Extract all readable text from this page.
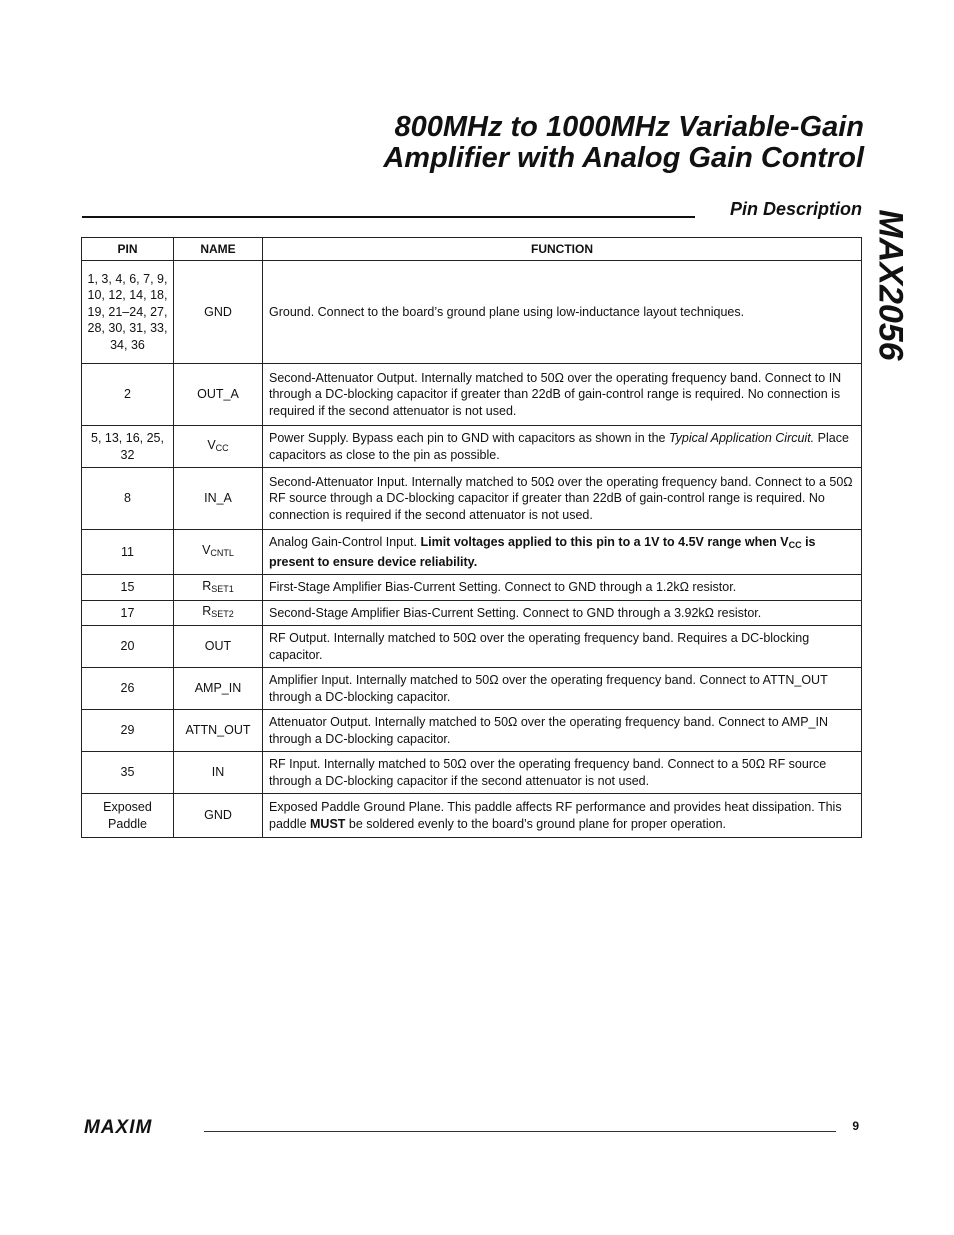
800MHz to 1000MHz Variable-Gain
Amplifier with Analog Gain Control
Pin Description
MAX2056
PIN	NAME	FUNCTION
1, 3, 4, 6, 7, 9, 10, 12, 14, 18, 19, 21–24, 27, 28, 30, 31, 33, 34, 36	GND	Ground. Connect to the board’s ground plane using low-inductance layout techniques.
2	OUT_A	Second-Attenuator Output. Internally matched to 50Ω over the operating frequency band. Connect to IN through a DC-blocking capacitor if greater than 22dB of gain-control range is required. No connection is required if the second attenuator is not used.
5, 13, 16, 25, 32	$V_{CC}$	Power Supply. Bypass each pin to GND with capacitors as shown in the Typical Application Circuit. Place capacitors as close to the pin as possible.
8	IN_A	Second-Attenuator Input. Internally matched to 50Ω over the operating frequency band. Connect to a 50Ω RF source through a DC-blocking capacitor if greater than 22dB of gain-control range is required. No connection is required if the second attenuator is not used.
11	$V_{CNTL}$	Analog Gain-Control Input. Limit voltages applied to this pin to a 1V to 4.5V range when $V_{CC}$ is present to ensure device reliability.
15	$R_{SET1}$	First-Stage Amplifier Bias-Current Setting. Connect to GND through a 1.2kΩ resistor.
17	$R_{SET2}$	Second-Stage Amplifier Bias-Current Setting. Connect to GND through a 3.92kΩ resistor.
20	OUT	RF Output. Internally matched to 50Ω over the operating frequency band. Requires a DC-blocking capacitor.
26	AMP_IN	Amplifier Input. Internally matched to 50Ω over the operating frequency band. Connect to ATTN_OUT through a DC-blocking capacitor.
29	ATTN_OUT	Attenuator Output. Internally matched to 50Ω over the operating frequency band. Connect to AMP_IN through a DC-blocking capacitor.
35	IN	RF Input. Internally matched to 50Ω over the operating frequency band. Connect to a 50Ω RF source through a DC-blocking capacitor if the second attenuator is not used.
Exposed Paddle	GND	Exposed Paddle Ground Plane. This paddle affects RF performance and provides heat dissipation. This paddle MUST be soldered evenly to the board’s ground plane for proper operation.
MAXIM	9
